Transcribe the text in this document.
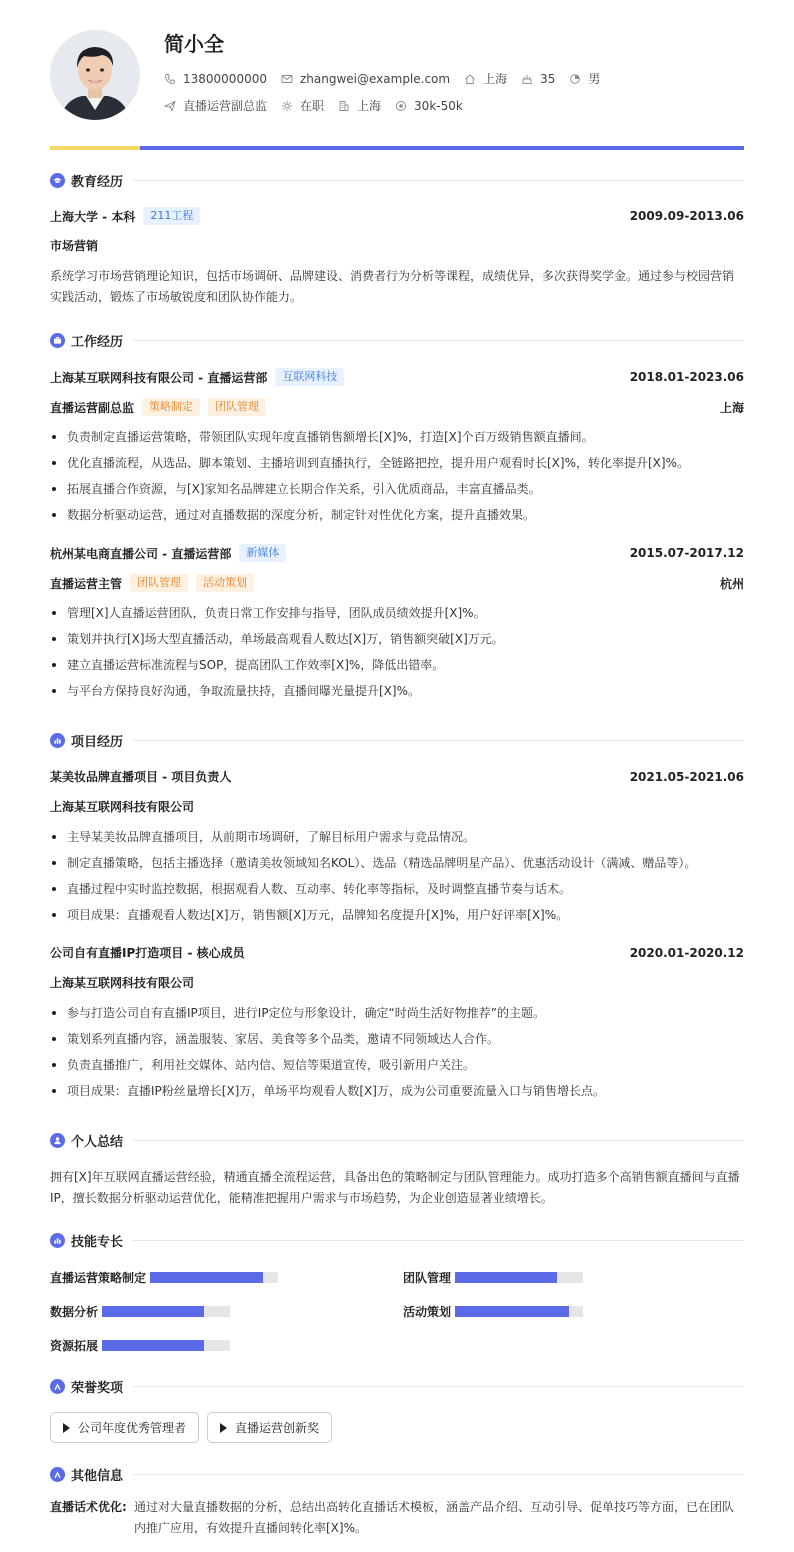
简小全
13800000000	zhangwei@example.com	上海	35	男
直播运营副总监	在职	上海	30k-50k
教育经历
上海大学 - 本科	211工程	2009.09-2013.06
市场营销
系统学习市场营销理论知识，包括市场调研、品牌建设、消费者行为分析等课程，成绩优异，多次获得奖学金。通过参与校园营销实践活动，锻炼了市场敏锐度和团队协作能力。
工作经历
上海某互联网科技有限公司 - 直播运营部	互联网科技	2018.01-2023.06
直播运营副总监	策略制定	团队管理	上海
负责制定直播运营策略，带领团队实现年度直播销售额增长[X]%，打造[X]个百万级销售额直播间。
优化直播流程，从选品、脚本策划、主播培训到直播执行，全链路把控，提升用户观看时长[X]%，转化率提升[X]%。
拓展直播合作资源，与[X]家知名品牌建立长期合作关系，引入优质商品，丰富直播品类。
数据分析驱动运营，通过对直播数据的深度分析，制定针对性优化方案，提升直播效果。
杭州某电商直播公司 - 直播运营部	新媒体	2015.07-2017.12
直播运营主管	团队管理	活动策划	杭州
管理[X]人直播运营团队，负责日常工作安排与指导，团队成员绩效提升[X]%。
策划并执行[X]场大型直播活动，单场最高观看人数达[X]万，销售额突破[X]万元。
建立直播运营标准流程与SOP，提高团队工作效率[X]%，降低出错率。
与平台方保持良好沟通，争取流量扶持，直播间曝光量提升[X]%。
项目经历
某美妆品牌直播项目 - 项目负责人	2021.05-2021.06
上海某互联网科技有限公司
主导某美妆品牌直播项目，从前期市场调研，了解目标用户需求与竞品情况。
制定直播策略，包括主播选择（邀请美妆领域知名KOL）、选品（精选品牌明星产品）、优惠活动设计（满减、赠品等）。
直播过程中实时监控数据，根据观看人数、互动率、转化率等指标，及时调整直播节奏与话术。
项目成果：直播观看人数达[X]万，销售额[X]万元，品牌知名度提升[X]%，用户好评率[X]%。
公司自有直播IP打造项目 - 核心成员	2020.01-2020.12
上海某互联网科技有限公司
参与打造公司自有直播IP项目，进行IP定位与形象设计，确定“时尚生活好物推荐”的主题。
策划系列直播内容，涵盖服装、家居、美食等多个品类，邀请不同领域达人合作。
负责直播推广，利用社交媒体、站内信、短信等渠道宣传，吸引新用户关注。
项目成果：直播IP粉丝量增长[X]万，单场平均观看人数[X]万，成为公司重要流量入口与销售增长点。
个人总结
拥有[X]年互联网直播运营经验，精通直播全流程运营，具备出色的策略制定与团队管理能力。成功打造多个高销售额直播间与直播IP，擅长数据分析驱动运营优化，能精准把握用户需求与市场趋势，为企业创造显著业绩增长。
技能专长
直播运营策略制定	团队管理
数据分析	活动策划
资源拓展
荣誉奖项
公司年度优秀管理者	直播运营创新奖
其他信息
直播话术优化: 通过对大量直播数据的分析，总结出高转化直播话术模板，涵盖产品介绍、互动引导、促单技巧等方面，已在团队内推广应用，有效提升直播间转化率[X]%。
